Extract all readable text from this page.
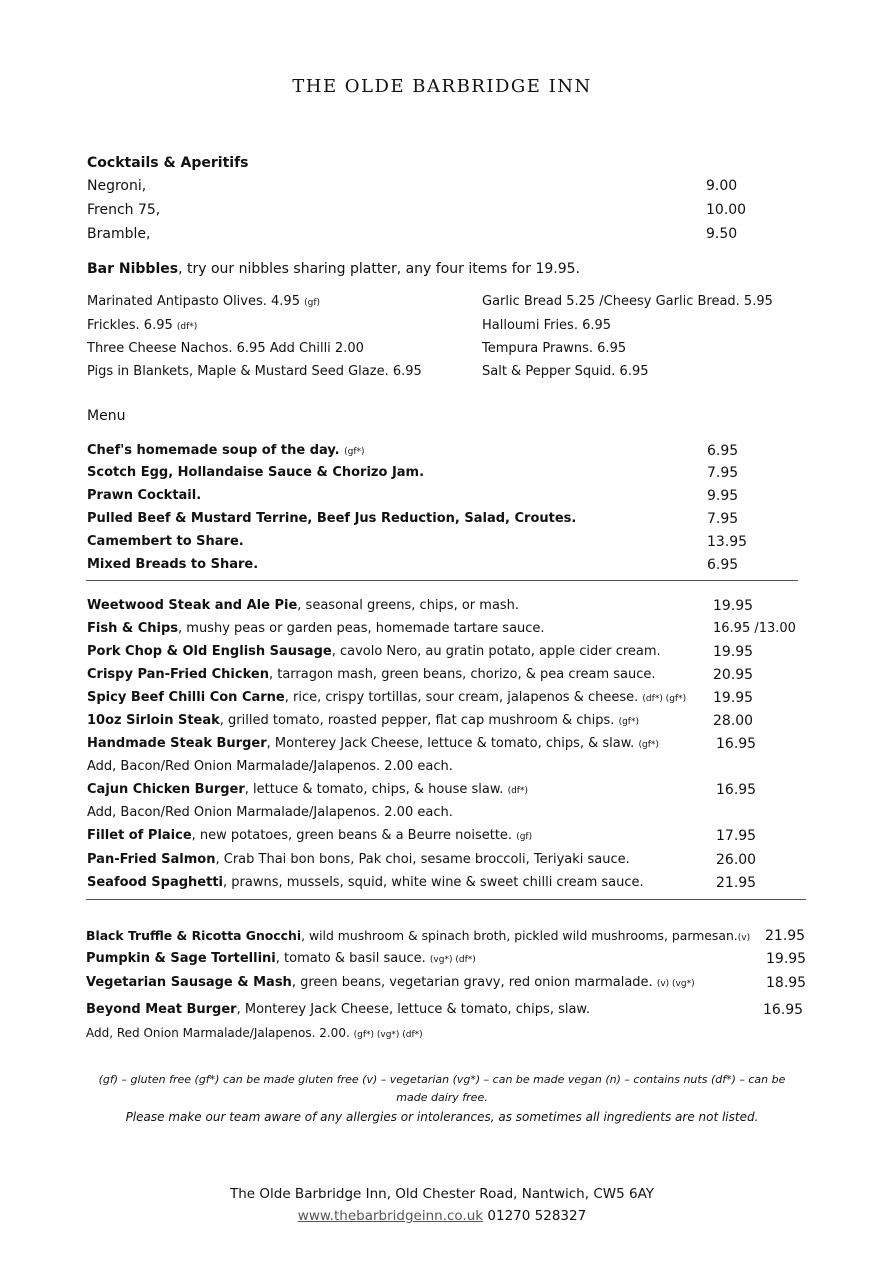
THE OLDE BARBRIDGE INN
Cocktails & Aperitifs
Negroni,	9.00
French 75,	10.00
Bramble,	9.50
Bar Nibbles, try our nibbles sharing platter, any four items for 19.95.
Marinated Antipasto Olives. 4.95 (gf)
Frickles. 6.95 (df*)
Three Cheese Nachos. 6.95 Add Chilli 2.00
Pigs in Blankets, Maple & Mustard Seed Glaze. 6.95
Garlic Bread 5.25 /Cheesy Garlic Bread. 5.95
Halloumi Fries. 6.95
Tempura Prawns. 6.95
Salt & Pepper Squid. 6.95
Menu
Chef's homemade soup of the day. (gf*)	6.95
Scotch Egg, Hollandaise Sauce & Chorizo Jam.	7.95
Prawn Cocktail.	9.95
Pulled Beef & Mustard Terrine, Beef Jus Reduction, Salad, Croutes.	7.95
Camembert to Share.	13.95
Mixed Breads to Share.	6.95
Weetwood Steak and Ale Pie, seasonal greens, chips, or mash.	19.95
Fish & Chips, mushy peas or garden peas, homemade tartare sauce.	16.95 /13.00
Pork Chop & Old English Sausage, cavolo Nero, au gratin potato, apple cider cream.	19.95
Crispy Pan-Fried Chicken, tarragon mash, green beans, chorizo, & pea cream sauce.	20.95
Spicy Beef Chilli Con Carne, rice, crispy tortillas, sour cream, jalapenos & cheese. (df*) (gf*) 19.95
10oz Sirloin Steak, grilled tomato, roasted pepper, flat cap mushroom & chips. (gf*)	28.00
Handmade Steak Burger, Monterey Jack Cheese, lettuce & tomato, chips, & slaw. (gf*)	16.95
Add, Bacon/Red Onion Marmalade/Jalapenos. 2.00 each.
Cajun Chicken Burger, lettuce & tomato, chips, & house slaw. (df*)	16.95
Add, Bacon/Red Onion Marmalade/Jalapenos. 2.00 each.
Fillet of Plaice, new potatoes, green beans & a Beurre noisette. (gf)	17.95
Pan-Fried Salmon, Crab Thai bon bons, Pak choi, sesame broccoli, Teriyaki sauce.	26.00
Seafood Spaghetti, prawns, mussels, squid, white wine & sweet chilli cream sauce.	21.95
Black Truffle & Ricotta Gnocchi, wild mushroom & spinach broth, pickled wild mushrooms, parmesan.(v) 21.95
Pumpkin & Sage Tortellini, tomato & basil sauce. (vg*) (df*)	19.95
Vegetarian Sausage & Mash, green beans, vegetarian gravy, red onion marmalade. (v) (vg*)	18.95
Beyond Meat Burger, Monterey Jack Cheese, lettuce & tomato, chips, slaw.	16.95
Add, Red Onion Marmalade/Jalapenos. 2.00. (gf*) (vg*) (df*)
(gf) – gluten free (gf*) can be made gluten free (v) – vegetarian (vg*) – can be made vegan (n) – contains nuts (df*) – can be
made dairy free.
Please make our team aware of any allergies or intolerances, as sometimes all ingredients are not listed.
The Olde Barbridge Inn, Old Chester Road, Nantwich, CW5 6AY
www.thebarbridgeinn.co.uk 01270 528327
